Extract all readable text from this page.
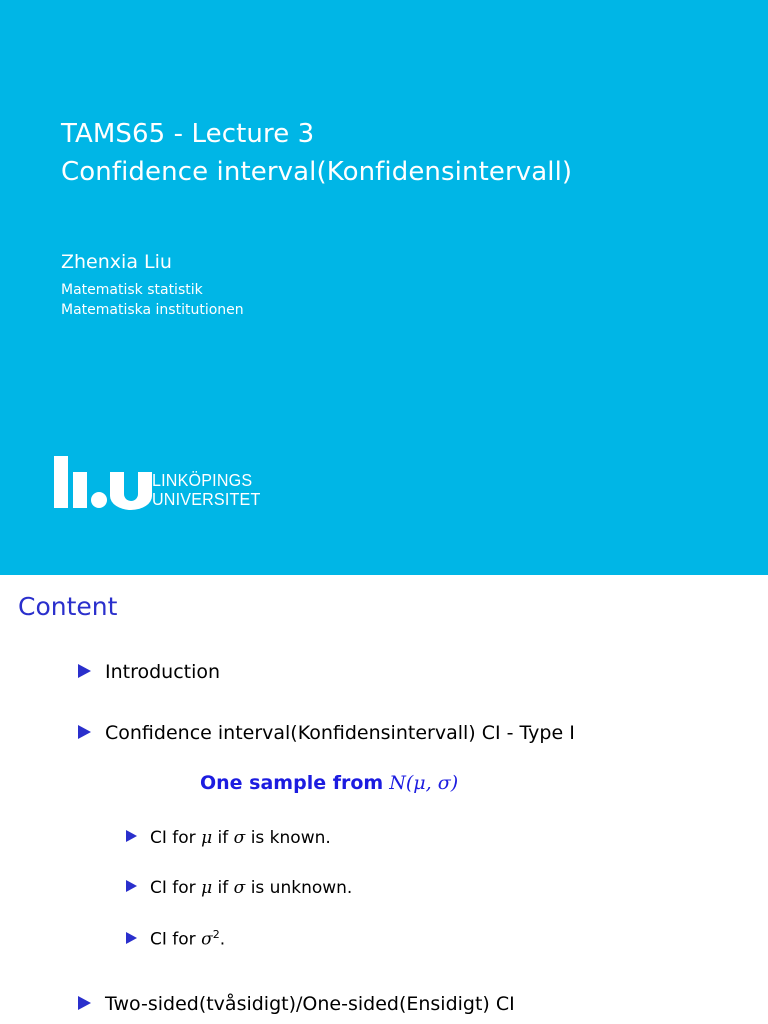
TAMS65 - Lecture 3
Confidence interval(Konfidensintervall)
Zhenxia Liu
Matematisk statistik
Matematiska institutionen
LINKÖPINGS
UNIVERSITET
Content
Introduction
Confidence interval(Konfidensintervall) CI - Type I
One sample from N(μ, σ)
CI for μ if σ is known.
CI for μ if σ is unknown.
CI for $\sigma^2$.
Two-sided(tvåsidigt)/One-sided(Ensidigt) CI
